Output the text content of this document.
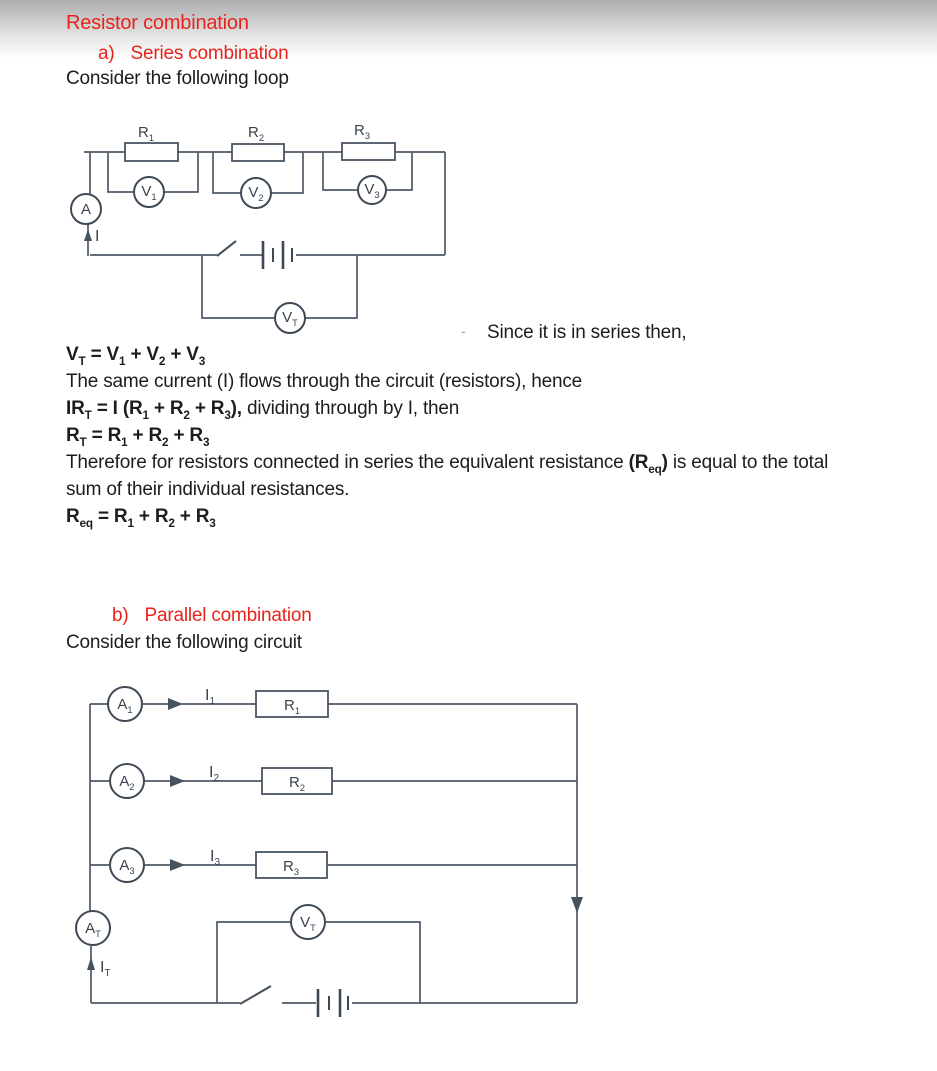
Resistor combination
a) Series combination
Consider the following loop
- Since it is in series then,
$V_T = V_1 + V_2 + V_3$
The same current (I) flows through the circuit (resistors), hence
$IR_T = I$ $(R_1 + R_2 + R_3)$, dividing through by I, then
$R_T = R_1 + R_2 + R_3$
Therefore for resistors connected in series the equivalent resistance $(R_{eq})$ is equal to the total
sum of their individual resistances.
$R_{eq} = R_1 + R_2 + R_3$
b) Parallel combination
Consider the following circuit
I
$R_1$	$R_2$	$R_3$
A
$V_1$	$V_2$	$V_3$
$V_T$
$I_1$
$I_2$
$I_3$
$I_T$
$R_1$
$R_2$
$R_3$
$A_1$
$A_2$
$A_3$
$A_T$
$V_T$
